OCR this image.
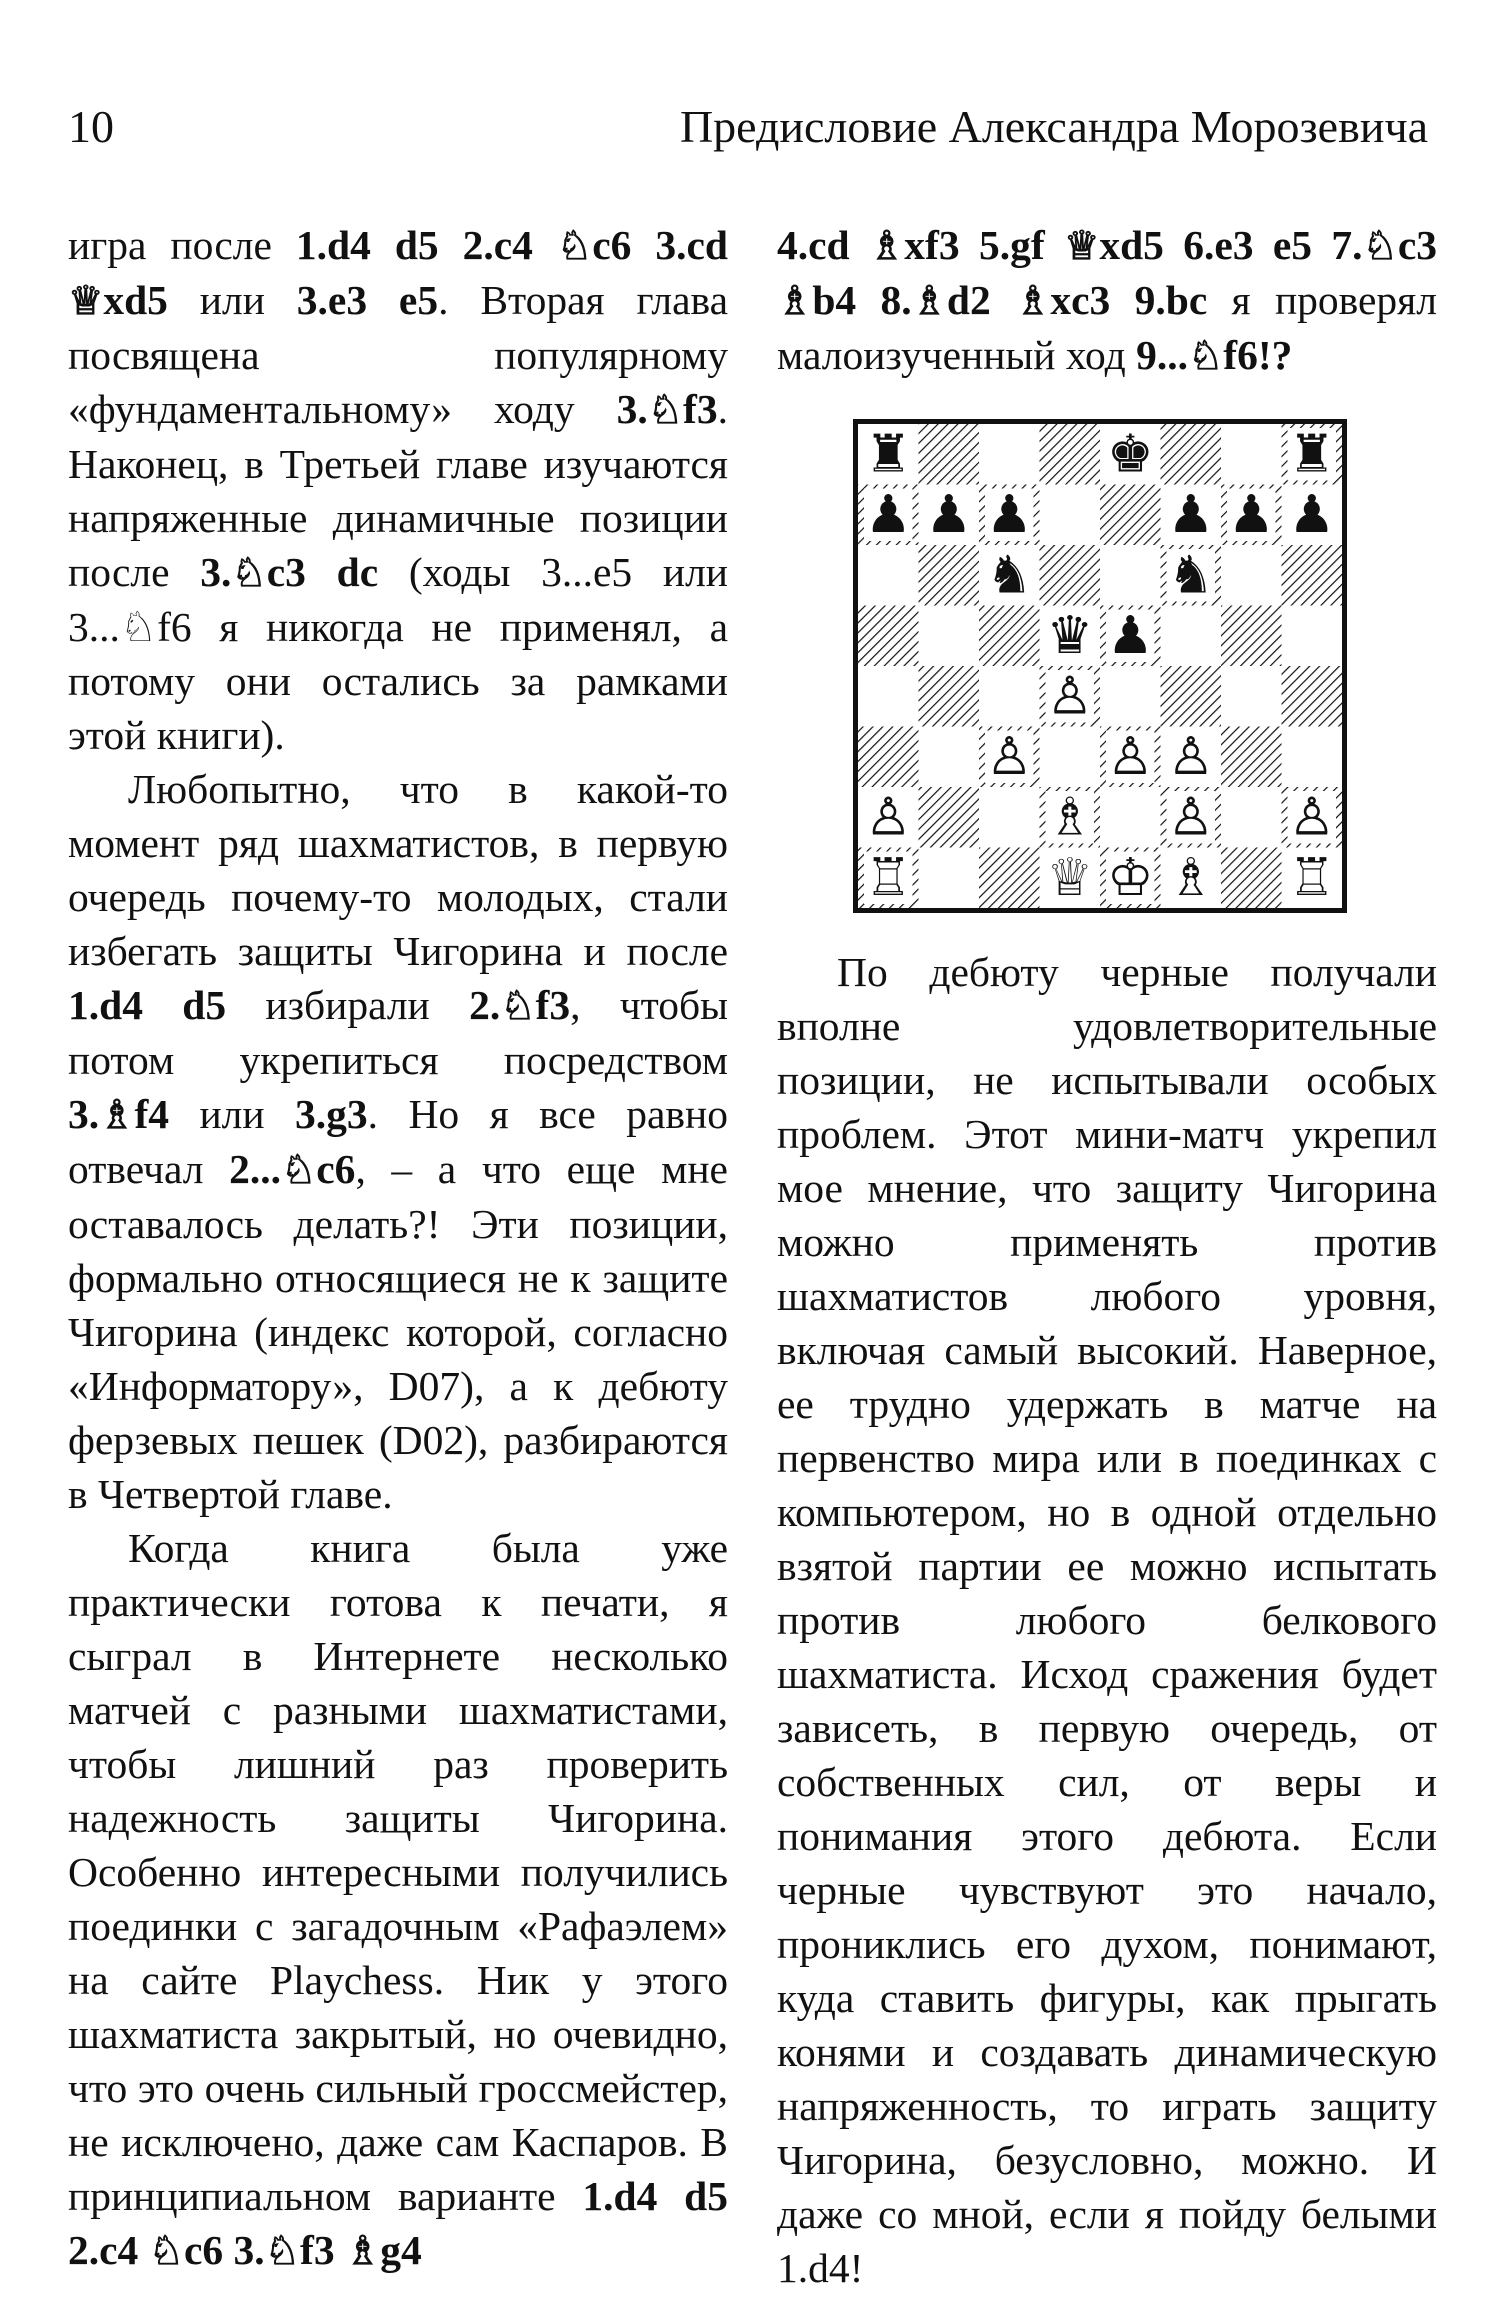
10	Предисловие Александра Морозевича

игра после 1.d4 d5 2.c4 ♘c6 3.cd ♕xd5 или 3.e3 e5. Вторая глава посвящена популярному «фундаментальному» ходу 3.♘f3. Наконец, в Третьей главе изучаются напряженные динамичные позиции после 3.♘c3 dc (ходы 3...e5 или 3...♘f6 я никогда не применял, а потому они остались за рамками этой книги).

Любопытно, что в какой-то момент ряд шахматистов, в первую очередь почему-то молодых, стали избегать защиты Чигорина и после 1.d4 d5 избирали 2.♘f3, чтобы потом укрепиться посредством 3.♗f4 или 3.g3. Но я все равно отвечал 2...♘c6, – а что еще мне оставалось делать?! Эти позиции, формально относящиеся не к защите Чигорина (индекс которой, согласно «Информатору», D07), а к дебюту ферзевых пешек (D02), разбираются в Четвертой главе.

Когда книга была уже практически готова к печати, я сыграл в Интернете несколько матчей с разными шахматистами, чтобы лишний раз проверить надежность защиты Чигорина. Особенно интересными получились поединки с загадочным «Рафаэлем» на сайте Playchess. Ник у этого шахматиста закрытый, но очевидно, что это очень сильный гроссмейстер, не исключено, даже сам Каспаров. В принципиальном варианте 1.d4 d5 2.c4 ♘c6 3.♘f3 ♗g4

4.cd ♗xf3 5.gf ♕xd5 6.e3 e5 7.♘c3 ♗b4 8.♗d2 ♗xc3 9.bc я проверял малоизученный ход 9...♘f6!?

♜	♚	♜
♟ ♟ ♟	♟ ♟ ♟
♞	♞
♛ ♟
♙
♙ ♙ ♙
♙	♗ ♙ ♙
♖	♕ ♔ ♗ ♖

По дебюту черные получали вполне удовлетворительные позиции, не испытывали особых проблем. Этот мини-матч укрепил мое мнение, что защиту Чигорина можно применять против шахматистов любого уровня, включая самый высокий. Наверное, ее трудно удержать в матче на первенство мира или в поединках с компьютером, но в одной отдельно взятой партии ее можно испытать против любого белкового шахматиста. Исход сражения будет зависеть, в первую очередь, от собственных сил, от веры и понимания этого дебюта. Если черные чувствуют это начало, прониклись его духом, понимают, куда ставить фигуры, как прыгать конями и создавать динамическую напряженность, то играть защиту Чигорина, безусловно, можно. И даже со мной, если я пойду белыми 1.d4!
